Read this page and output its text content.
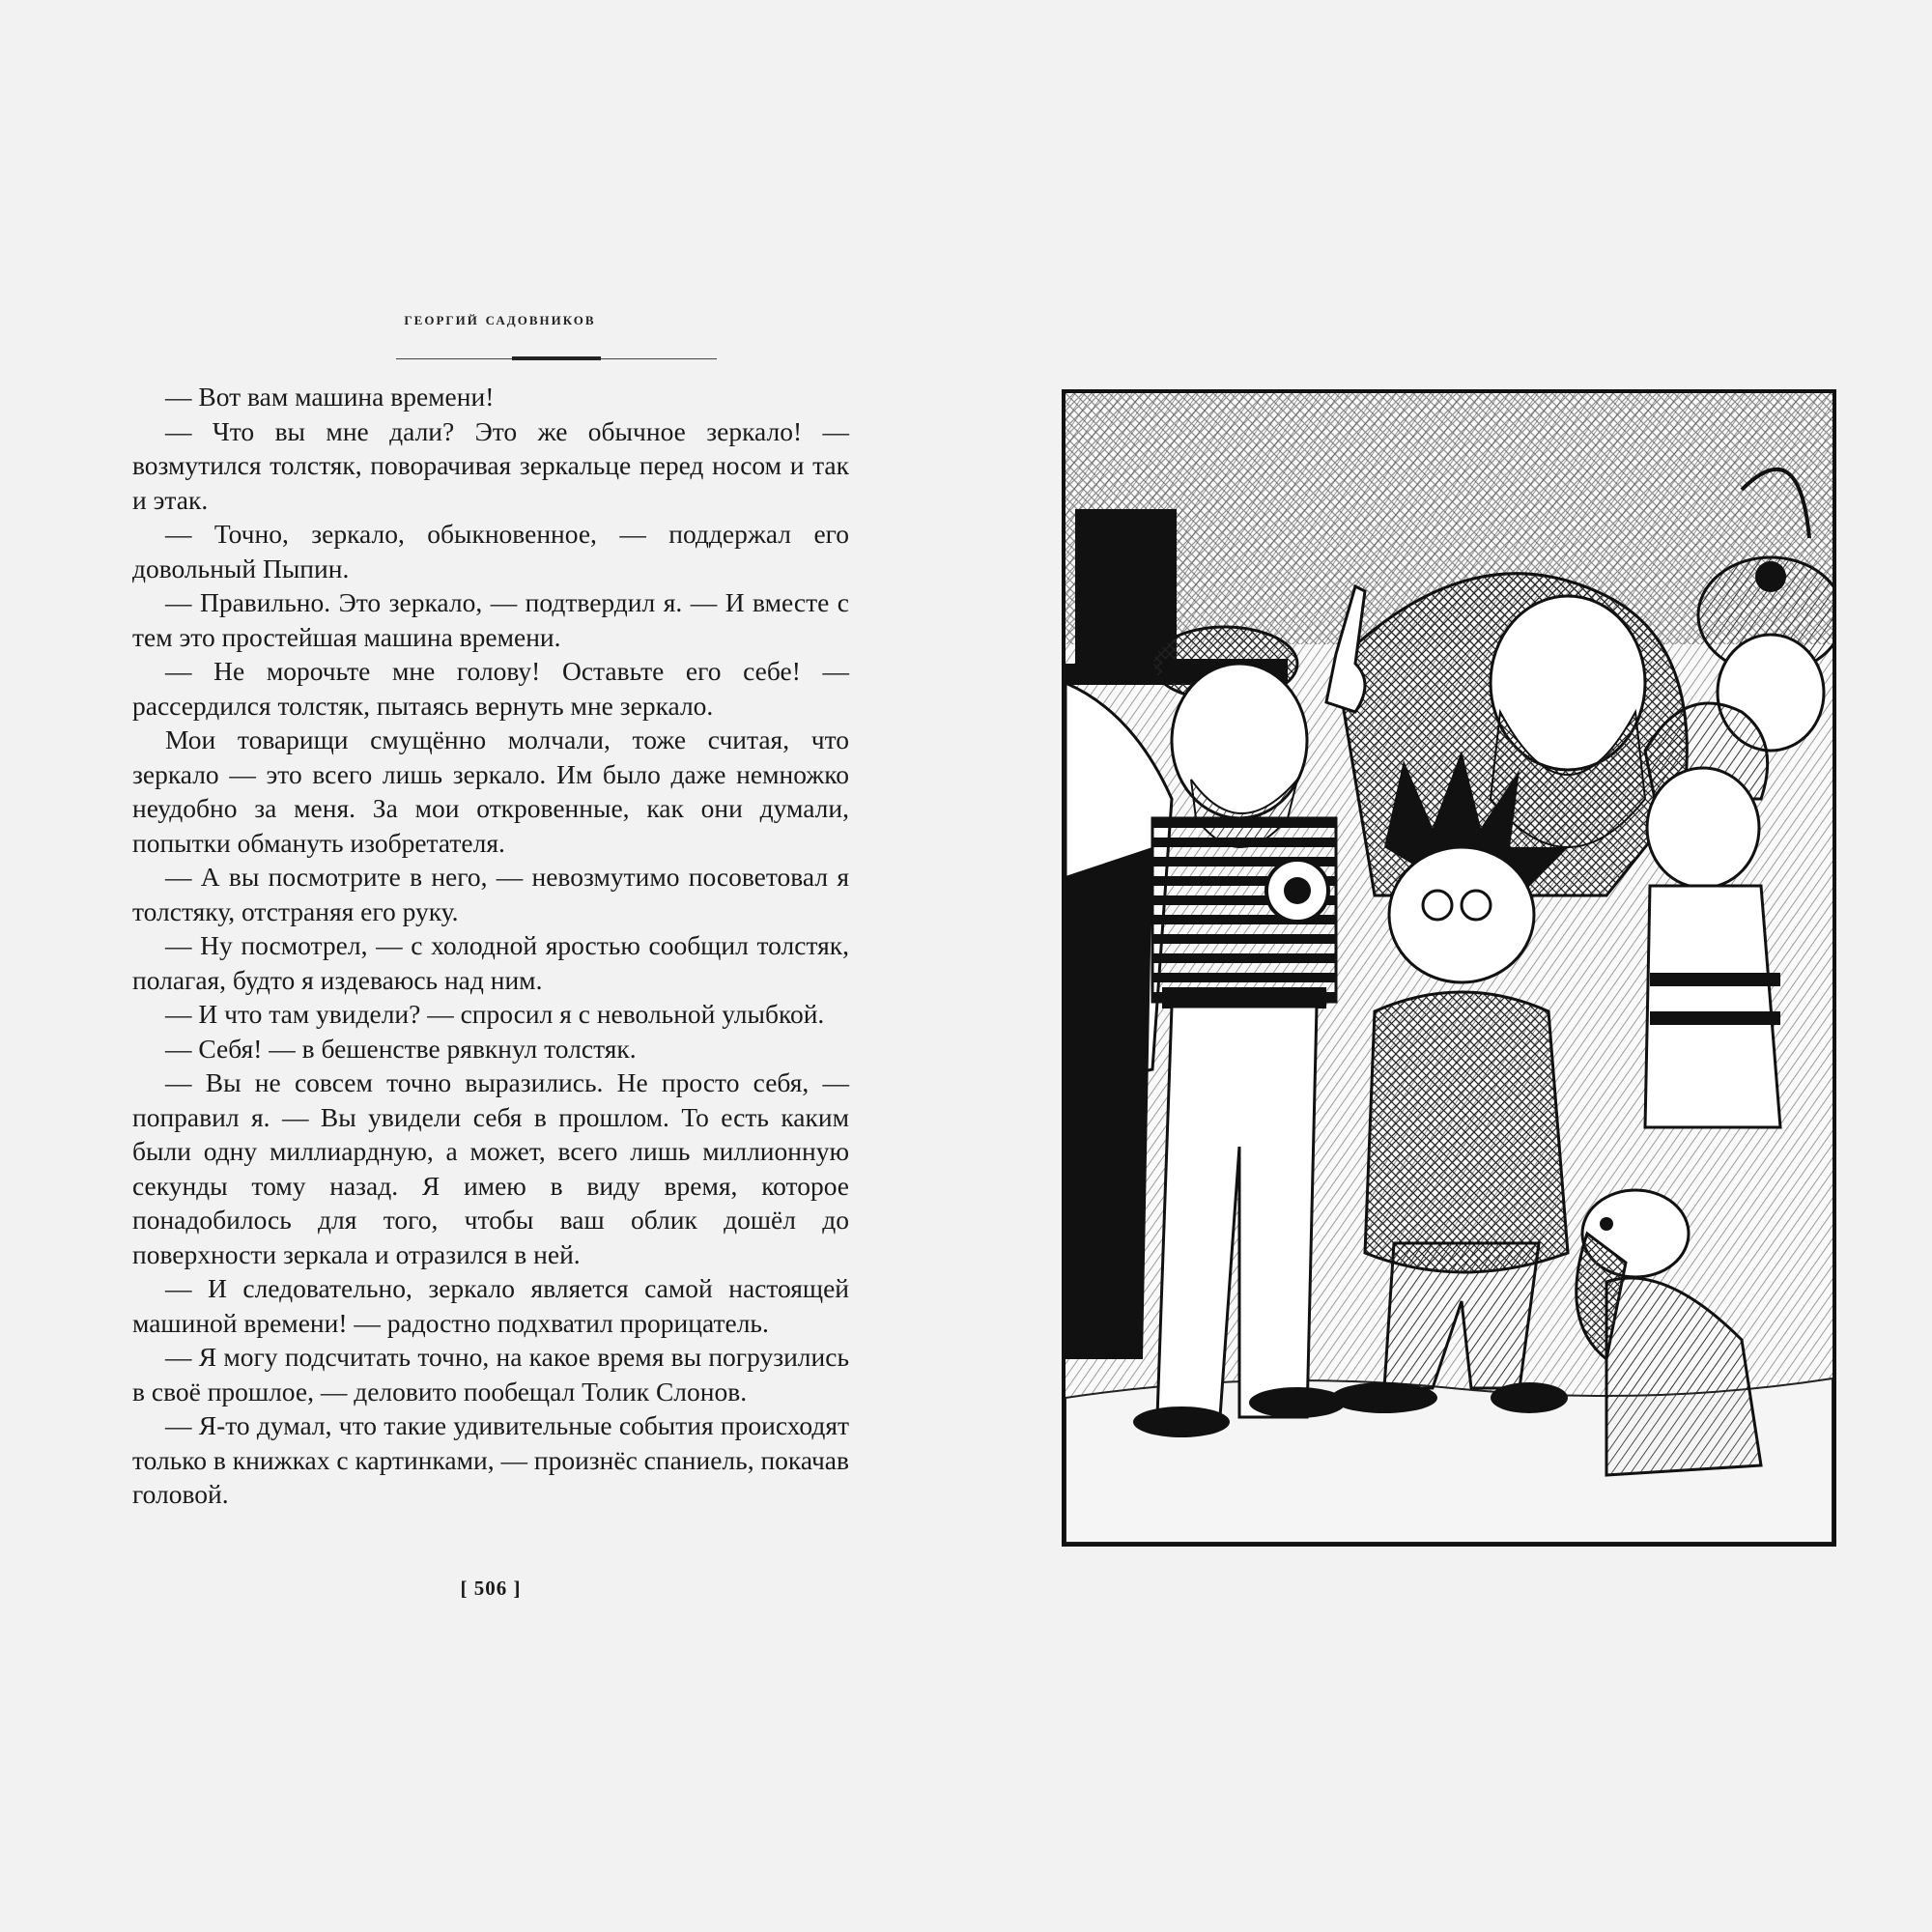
георгий садовников

— Вот вам машина времени!

— Что вы мне дали? Это же обычное зеркало! — возмутился толстяк, поворачивая зеркальце перед носом и так и этак.

— Точно, зеркало, обыкновенное, — поддержал его довольный Пыпин.

— Правильно. Это зеркало, — подтвердил я. — И вместе с тем это простейшая машина времени.

— Не морочьте мне голову! Оставьте его себе! — рассердился толстяк, пытаясь вернуть мне зеркало.

Мои товарищи смущённо молчали, тоже считая, что зеркало — это всего лишь зеркало. Им было даже немножко неудобно за меня. За мои откровенные, как они думали, попытки обмануть изобретателя.

— А вы посмотрите в него, — невозмутимо посоветовал я толстяку, отстраняя его руку.

— Ну посмотрел, — с холодной яростью сообщил толстяк, полагая, будто я издеваюсь над ним.

— И что там увидели? — спросил я с невольной улыбкой.

— Себя! — в бешенстве рявкнул толстяк.

— Вы не совсем точно выразились. Не просто себя, — поправил я. — Вы увидели себя в прошлом. То есть каким были одну миллиардную, а может, всего лишь миллионную секунды тому назад. Я имею в виду время, которое понадобилось для того, чтобы ваш облик дошёл до поверхности зеркала и отразился в ней.

— И следовательно, зеркало является самой настоящей машиной времени! — радостно подхватил прорицатель.

— Я могу подсчитать точно, на какое время вы погрузились в своё прошлое, — деловито пообещал Толик Слонов.

— Я-то думал, что такие удивительные события происходят только в книжках с картинками, — произнёс спаниель, покачав головой.

[ 506 ]
